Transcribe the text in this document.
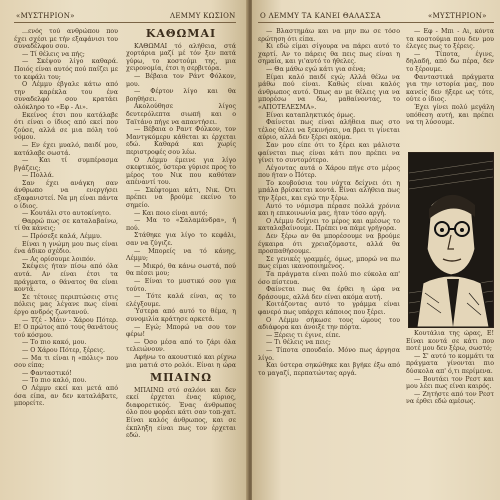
«ΜΥΣΤΗΡΙΟΝ»	ΛΕΜΜΥ ΚΩΣΙΟΝ

...ενός τού ανθρώπου που έχει σχέσι με τήν εξαφάνισι του συναδέλφου σου.

— Τί θέλεις να πής;

— Σκέψου λίγο καθαρά. Ποιός είναι αυτός πού παίζει με το κεφάλι του;

Ο Λέμμυ έβγαλε κάτω από την καρέκλα του ένα συναδελφό σου κρατάει ολόκληρο το «Εφ - Αι».

Εκείνος έτσι που κατάλαβε ότι είναι ο ίδιος από εκεί που ζούσε, αλλά σε μια πόλη τού νόμου.

— Εν έχει μυαλό, παιδί μου, κατάλαβε σωστά.

— Και τί συμπέρασμα βγάζεις;

— Πολλά.

Σαν έχει ανάγκη σαν άνθρωπο να ενεργήσει εξαφανιστεί. Να μη είναι πάντα ο ίδιος.

— Κουτάλι στο αυτοκίνητο.

Θαρρώ πως σε καταλαβαίνω, τί θα κάνεις;

— Πρόσεξε καλά, Λέμμυ.

Είναι η γνώμη μου πως είναι ένα άδικο σχέδιο.

— Ας ορίσουμε λοιπόν.

Σκέψεις ήταν πίσω από όλα αυτά. Αν είναι έτσι τα πράγματα, ο θάνατος θα είναι κοντά.

Σε τέτοιες περιπτώσεις στις πόλεις μας λέγανε πως είναι έργο ανδρός ζωντανού.

— Τζέ - Μάιν - Χάρου Πότερ. Ε! Ο πρώτος από τους θανάτους τού κόσμου.

— Το πιο κακό, μου.

— Ο Χάρου Πότερ, ξέρεις.

— Μα τι είναι η «πόλις» που σου είπα;

— Φανταστικό!

— Το πιο καλό, που.

Ο Λέμμυ εκεί και μετά από όσα είπα, αν δεν καταλάβατε, μπορείτε.

ΚΑΘΩΜΑΙ

ΚΑΘΩΜΑΙ τό αλήθεια, στά χορτάρια μαζί μέ τόν ξεν πατά γύρω, το κοστούμι της, μια χειρονομία, έτσι η σερβιτόρα.

— Βέβαια τον Ράντ Φόλκον, μου.

— Φέρτον λίγο και θα βοηθήσει.

Ακολούθησε λίγος δευτερόλεπτα σιωπή και ο Ταϊτάνο πήγε να απαντήσει.

— Βέβαια ο Ραντ Φόλκον, τον Μαντγκόμερυ κάθεται κι έρχεται εδώ. Καθαρά και χωρίς περιστροφές σου λέω.

Ο Λέμμυ έμεινε για λίγο σκεφτικός, ύστερα γύρισε προς το μέρος του Νικ που καθόταν απέναντί του.

— Σκέφτομαι κάτι, Νικ. Ότι πρέπει να βρούμε εκείνο το σημείο.

— Και ποιο είναι αυτό;

— Μα το «Σαλαμάνδρα», ή πού.

Στάθηκε για λίγο το κεφάλι, σαν να ζύγιζε.

— Μπορείς να τό κάνης, Λέμμυ;

— Μικρό, θα κάνω σωστά, πού θα πέσει μου;

— Είναι το μυστικό σου για τούτο.

— Τότε καλά είναι, ας το ελέγξουμε.

Ύστερα από αυτό το θέμα, η συνομιλία κράτησε αρκετά.

— Εγώ; Μπορώ να σου τον φέρω!

— Όσο μέσα από το ζάρι όλα τελειώνουν.

Αφήνω το ακουστικό και ρίχνω μια ματιά στο ρολόι. Είναι η ώρα

ΜΠΑΙΝΩ

ΜΠΑΙΝΩ στό σαλόνι και δεν εκεί έρχεται ένας κύριος, διαφορετικός. Ένας άνθρωπος όλο που φοράει κάτι σαν τοπ-χατ. Είναι καλός άνθρωπος, και σε έκπληξη είναι πως τον έρχεται εδώ.

Ο ΛΕΜΜΥ ΤΑ ΚΑΝΕΙ ΘΑΛΑΣΣΑ	«ΜΥΣΤΗΡΙΟΝ»

— Βλαστημάω και να μην πω σε τόσο ερώτηση ότι είπα.

Κι εδώ είμαι σίγουρα να πάρει αυτό το χαρτί. Αν το πάρεις θα πεις πως είναι η σημαία, και γι'αυτό το ήθελες.

— Θα μάθω εγώ κάτι για σένα;

Είμαι καλό παιδί εγώ; Αλλά θέλω να μάθω πού είναι. Καθώς είναι καλός άνθρωπος αυτό. Όπως αν με θέλεις για να μπορέσω να δω, μαθαίνοντας, το «ΑΠΟΤΕΛΕΣΜΑ».

Είναι καταπληκτικός όμως.

Φαίνεται πως είναι αλήθεια πως στο τέλος θέλει να ξεκινήσει, να βρει τι γίνεται αύριο, αλλά δεν ξέρει ακόμα.

Σαν μου είπε ότι το ξέρει και μάλιστα φαίνεται πως είναι κάτι που πρέπει να γίνει το συντομότερο.

Λέγοντας αυτά ο Χάρου πήγε στο μέρος που ήταν ο Πότερ.

Το κουβούσια του νύχτα δείχνει ότι η μπάλα βρίσκεται κοντά. Είναι αλήθεια πως την ξέρει, και εγώ την ξέρω.

Αυτό το νόμισμα πέρασε πολλά χρόνια και η επικοινωνία μας, ήταν τόσο αργή.

Ο Λέμμυ δείχνει το μέρος και αμέσως το καταλαβαίνουμε. Πρέπει να πάμε γρήγορα.

Δεν ξέρω αν θα μπορέσουμε να βρούμε έγκαιρα ότι χρειαζόμαστε, αλλά θα προσπαθήσουμε.

Σε γενικές γραμμές, όμως, μπορώ να πω πως είμαι ικανοποιημένος.

Τα πράγματα είναι πολύ πιο εύκολα απ' όσο πίστευα.

Φαίνεται πως θα έρθει η ώρα να δράσουμε, αλλά δεν είναι ακόμα αυτή.

Κοιτάζοντας αυτό το γράμμα είναι φανερό πως υπάρχει κάποιος που ξέρει.

Ο Λέμμυ σήκωσε τους ώμους του αδιάφορα και άνοιξε την πόρτα.

— Ξέρεις τι έγινε, είπε.

— Τι θέλεις να πεις;

— Τίποτα σπουδαίο. Μόνο πως άργησα λίγο.

Και ύστερα σηκώθηκε και βγήκε έξω από το μαγαζί, περπατώντας αργά.

— Εφ - Μπι - Αι, κόντα τα κοστούμια που δεν μου έλεγες πως το ξέρεις.

— Τίποτα, έγινε, δηλαδή, από δω πέρα, δεν το ξέρουμε.

Φανταστικά πράγματα για την ιστορία μας, που κανείς δεν ήξερε ως τότε, ούτε ο ίδιος.

Έχει γίνει πολύ μεγάλη υπόθεση αυτή, και πρέπει να τη λύσουμε.

Κουτάλια της ώρας, Ε! Είναι κοντά σε κάτι που ποτέ μου δεν ξέρω, σωστό;

— Σ' αυτό το κομμάτι τα πράγματα γίνονται πιο δύσκολα απ' ό,τι περίμενα.

— Βουτάει τον Ρεστ και μου λέει πως είναι καιρός.

— Ζητήστε από τον Ρεστ να έρθει εδώ αμέσως.
